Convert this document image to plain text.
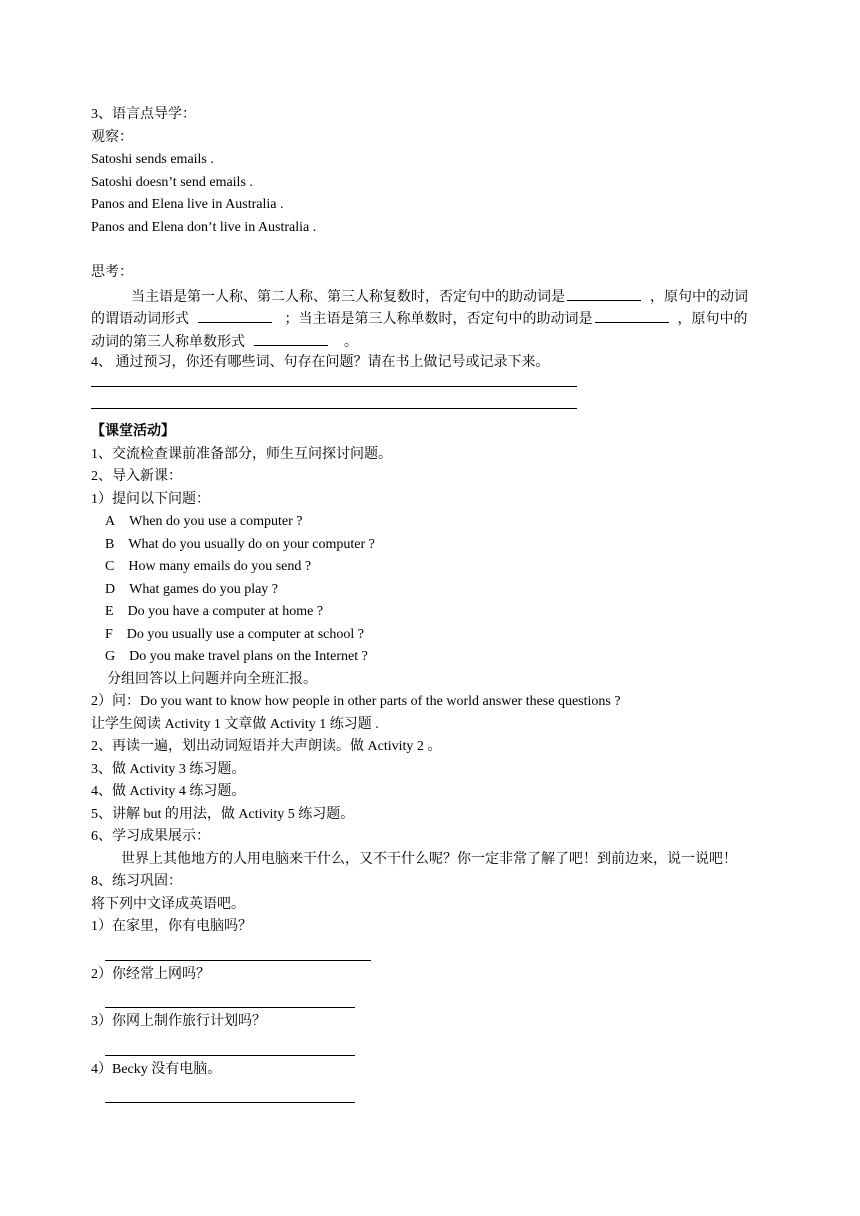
3、语言点导学：
观察：
Satoshi sends emails .
Satoshi doesn’t send emails .
Panos and Elena live in Australia .
Panos and Elena don’t live in Australia .
思考：
当主语是第一人称、第二人称、第三人称复数时，否定句中的助动词是	，原句中的动词
的谓语动词形式	；当主语是第三人称单数时，否定句中的助动词是	，原句中的
动词的第三人称单数形式	。
4、 通过预习，你还有哪些词、句存在问题？请在书上做记号或记录下来。
【课堂活动】
1、交流检查课前准备部分，师生互问探讨问题。
2、导入新课：
1）提问以下问题：
A When do you use a computer ?
B What do you usually do on your computer ?
C How many emails do you send ?
D What games do you play ?
E Do you have a computer at home ?
F Do you usually use a computer at school ?
G Do you make travel plans on the Internet ?
分组回答以上问题并向全班汇报。
2）问：Do you want to know how people in other parts of the world answer these questions ?
让学生阅读 Activity 1 文章做 Activity 1 练习题 .
2、再读一遍，划出动词短语并大声朗读。做 Activity 2 。
3、做 Activity 3 练习题。
4、做 Activity 4 练习题。
5、讲解 but 的用法，做 Activity 5 练习题。
6、学习成果展示：
世界上其他地方的人用电脑来干什么，又不干什么呢？你一定非常了解了吧！到前边来，说一说吧！
8、练习巩固：
将下列中文译成英语吧。
1）在家里，你有电脑吗？
2）你经常上网吗？
3）你网上制作旅行计划吗？
4）Becky 没有电脑。
